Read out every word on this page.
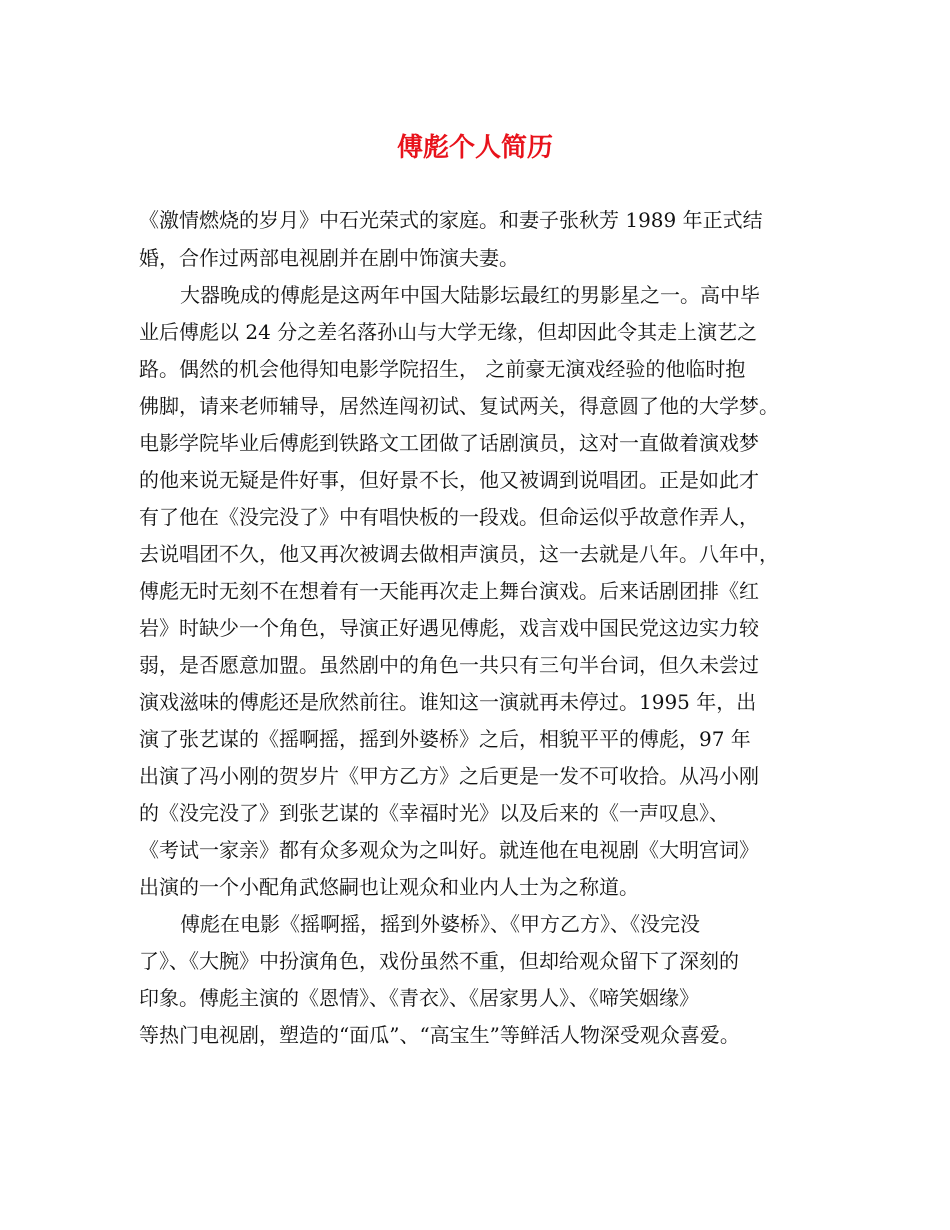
傅彪个人简历
《激情燃烧的岁月》中石光荣式的家庭。和妻子张秋芳 1989 年正式结
婚，合作过两部电视剧并在剧中饰演夫妻。
大器晚成的傅彪是这两年中国大陆影坛最红的男影星之一。高中毕
业后傅彪以 24 分之差名落孙山与大学无缘，但却因此令其走上演艺之
路。偶然的机会他得知电影学院招生， 之前豪无演戏经验的他临时抱
佛脚，请来老师辅导，居然连闯初试、复试两关，得意圆了他的大学梦。
电影学院毕业后傅彪到铁路文工团做了话剧演员，这对一直做着演戏梦
的他来说无疑是件好事，但好景不长，他又被调到说唱团。正是如此才
有了他在《没完没了》中有唱快板的一段戏。但命运似乎故意作弄人，
去说唱团不久，他又再次被调去做相声演员，这一去就是八年。八年中，
傅彪无时无刻不在想着有一天能再次走上舞台演戏。后来话剧团排《红
岩》时缺少一个角色，导演正好遇见傅彪，戏言戏中国民党这边实力较
弱，是否愿意加盟。虽然剧中的角色一共只有三句半台词，但久未尝过
演戏滋味的傅彪还是欣然前往。谁知这一演就再未停过。1995 年，出
演了张艺谋的《摇啊摇，摇到外婆桥》之后，相貌平平的傅彪，97 年
出演了冯小刚的贺岁片《甲方乙方》之后更是一发不可收拾。从冯小刚
的《没完没了》到张艺谋的《幸福时光》以及后来的《一声叹息》、
《考试一家亲》都有众多观众为之叫好。就连他在电视剧《大明宫词》
出演的一个小配角武悠嗣也让观众和业内人士为之称道。
傅彪在电影《摇啊摇，摇到外婆桥》、《甲方乙方》、《没完没
了》、《大腕》中扮演角色，戏份虽然不重，但却给观众留下了深刻的
印象。傅彪主演的《恩情》、《青衣》、《居家男人》、《啼笑姻缘》
等热门电视剧，塑造的“面瓜”、“高宝生”等鲜活人物深受观众喜爱。
